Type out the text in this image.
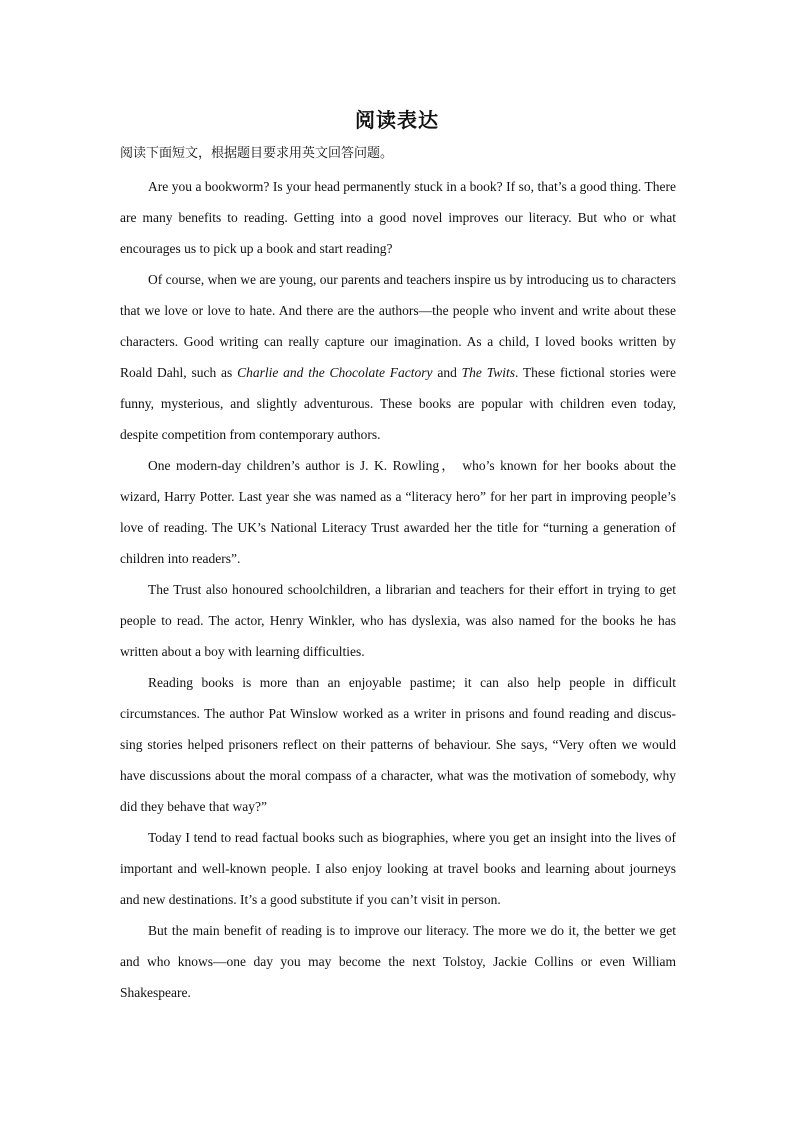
阅读表达
阅读下面短文，根据题目要求用英文回答问题。

Are you a bookworm? Is your head permanently stuck in a book? If so, that’s a good thing. There are many benefits to reading. Getting into a good novel improves our literacy. But who or what encourages us to pick up a book and start reading?

Of course, when we are young, our parents and teachers inspire us by introducing us to characters that we love or love to hate. And there are the authors—the people who invent and write about these characters. Good writing can really capture our imagination. As a child, I loved books written by Roald Dahl, such as Charlie and the Chocolate Factory and The Twits. These fictional stories were funny, mysterious, and slightly adventurous. These books are popular with children even today, despite competition from contemporary authors.

One modern-day children’s author is J. K. Rowling， who’s known for her books about the wizard, Harry Potter. Last year she was named as a “literacy hero” for her part in improving people’s love of reading. The UK’s National Literacy Trust awarded her the title for “turning a generation of children into readers”.

The Trust also honoured schoolchildren, a librarian and teachers for their effort in trying to get people to read. The actor, Henry Winkler, who has dyslexia, was also named for the books he has written about a boy with learning difficulties.

Reading books is more than an enjoyable pastime; it can also help people in difficult circumstances. The author Pat Winslow worked as a writer in prisons and found reading and discus- sing stories helped prisoners reflect on their patterns of behaviour. She says, “Very often we would have discussions about the moral compass of a character, what was the motivation of somebody, why did they behave that way?”

Today I tend to read factual books such as biographies, where you get an insight into the lives of important and well-known people. I also enjoy looking at travel books and learning about journeys and new destinations. It’s a good substitute if you can’t visit in person.

But the main benefit of reading is to improve our literacy. The more we do it, the better we get and who knows—one day you may become the next Tolstoy, Jackie Collins or even William Shakespeare.
